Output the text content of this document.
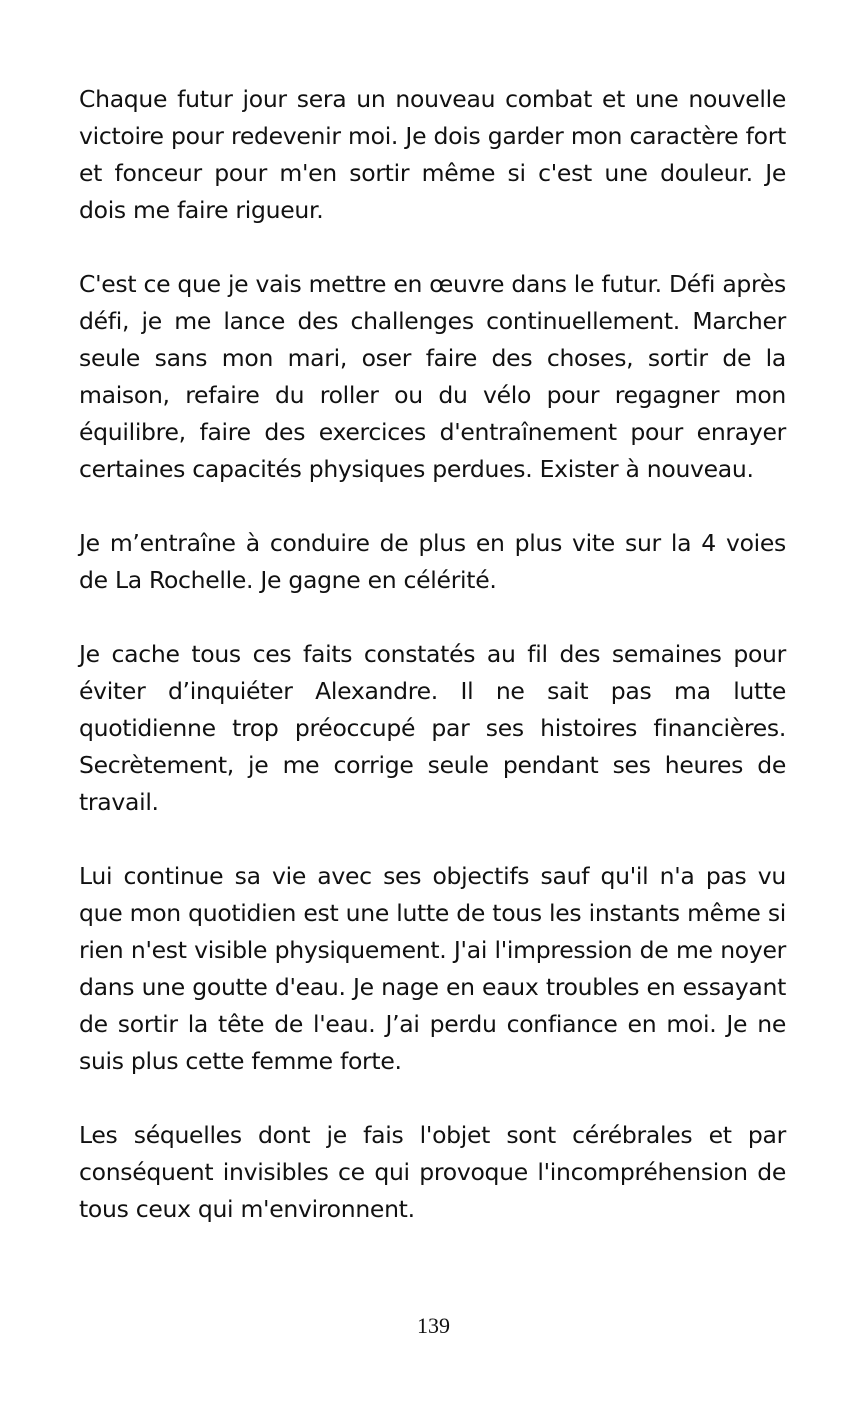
Chaque futur jour sera un nouveau combat et une nouvelle victoire pour redevenir moi. Je dois garder mon caractère fort et fonceur pour m'en sortir même si c'est une douleur. Je dois me faire rigueur.

C'est ce que je vais mettre en œuvre dans le futur. Défi après défi, je me lance des challenges continuellement. Marcher seule sans mon mari, oser faire des choses, sortir de la maison, refaire du roller ou du vélo pour regagner mon équilibre, faire des exercices d'entraînement pour enrayer certaines capacités physiques perdues. Exister à nouveau.

Je m’entraîne à conduire de plus en plus vite sur la 4 voies de La Rochelle. Je gagne en célérité.

Je cache tous ces faits constatés au fil des semaines pour éviter d’inquiéter Alexandre. Il ne sait pas ma lutte quotidienne trop préoccupé par ses histoires financières. Secrètement, je me corrige seule pendant ses heures de travail.

Lui continue sa vie avec ses objectifs sauf qu'il n'a pas vu que mon quotidien est une lutte de tous les instants même si rien n'est visible physiquement. J'ai l'impression de me noyer dans une goutte d'eau. Je nage en eaux troubles en essayant de sortir la tête de l'eau. J’ai perdu confiance en moi. Je ne suis plus cette femme forte.

Les séquelles dont je fais l'objet sont cérébrales et par conséquent invisibles ce qui provoque l'incompréhension de tous ceux qui m'environnent.

139
